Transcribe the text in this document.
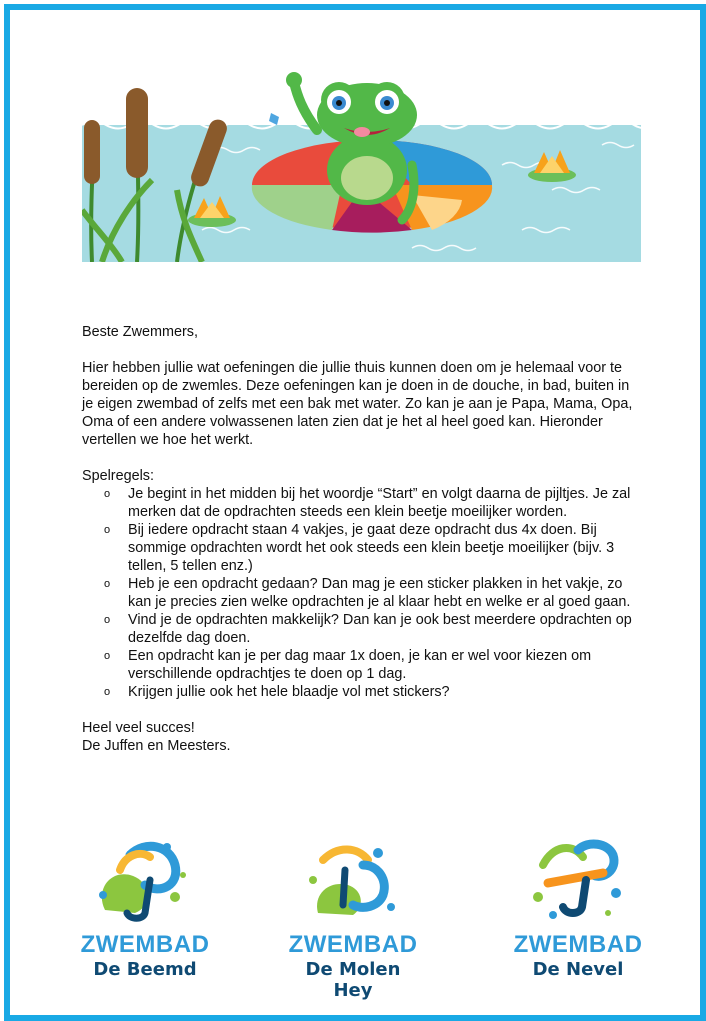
Beste Zwemmers,

Hier hebben jullie wat oefeningen die jullie thuis kunnen doen om je helemaal voor te bereiden op de zwemles. Deze oefeningen kan je doen in de douche, in bad, buiten in je eigen zwembad of zelfs met een bak met water. Zo kan je aan je Papa, Mama, Opa, Oma of een andere volwassenen laten zien dat je het al heel goed kan. Hieronder vertellen we hoe het werkt.

Spelregels:

o Je begint in het midden bij het woordje “Start” en volgt daarna de pijltjes. Je zal merken dat de opdrachten steeds een klein beetje moeilijker worden.
o Bij iedere opdracht staan 4 vakjes, je gaat deze opdracht dus 4x doen. Bij sommige opdrachten wordt het ook steeds een klein beetje moeilijker (bijv. 3 tellen, 5 tellen enz.)
o Heb je een opdracht gedaan? Dan mag je een sticker plakken in het vakje, zo kan je precies zien welke opdrachten je al klaar hebt en welke er al goed gaan.
o Vind je de opdrachten makkelijk? Dan kan je ook best meerdere opdrachten op dezelfde dag doen.
o Een opdracht kan je per dag maar 1x doen, je kan er wel voor kiezen om verschillende opdrachtjes te doen op 1 dag.
o Krijgen jullie ook het hele blaadje vol met stickers?

Heel veel succes!

De Juffen en Meesters.

ZWEMBAD
De Beemd
ZWEMBAD
De Molen Hey
ZWEMBAD
De Nevel
